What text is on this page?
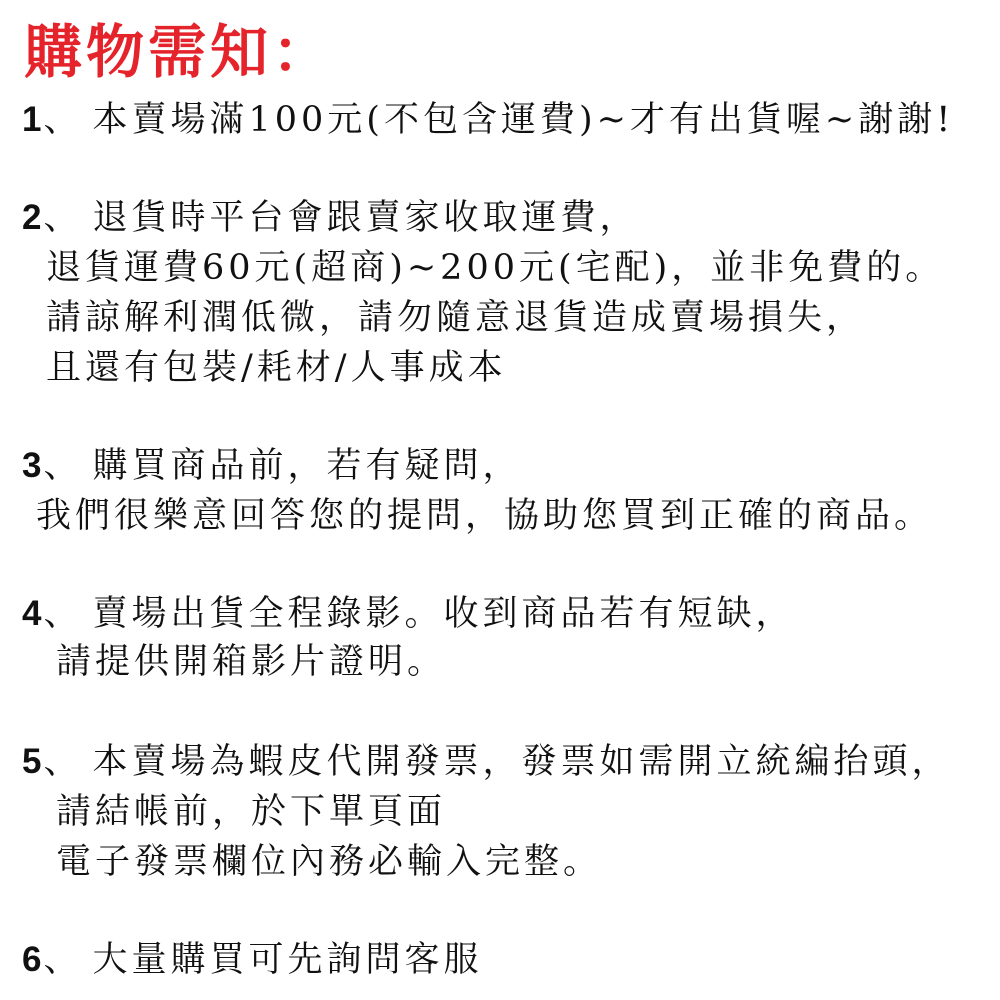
購物需知：

1、 本賣場滿100元(不包含運費)~才有出貨喔~謝謝!

2、 退貨時平台會跟賣家收取運費，

退貨運費60元(超商)~200元(宅配)，並非免費的。

請諒解利潤低微，請勿隨意退貨造成賣場損失，

且還有包裝/耗材/人事成本

3、 購買商品前，若有疑問，

我們很樂意回答您的提問，協助您買到正確的商品。

4、 賣場出貨全程錄影。收到商品若有短缺，

請提供開箱影片證明。

5、 本賣場為蝦皮代開發票，發票如需開立統編抬頭，

請結帳前，於下單頁面

電子發票欄位內務必輸入完整。

6、 大量購買可先詢問客服
